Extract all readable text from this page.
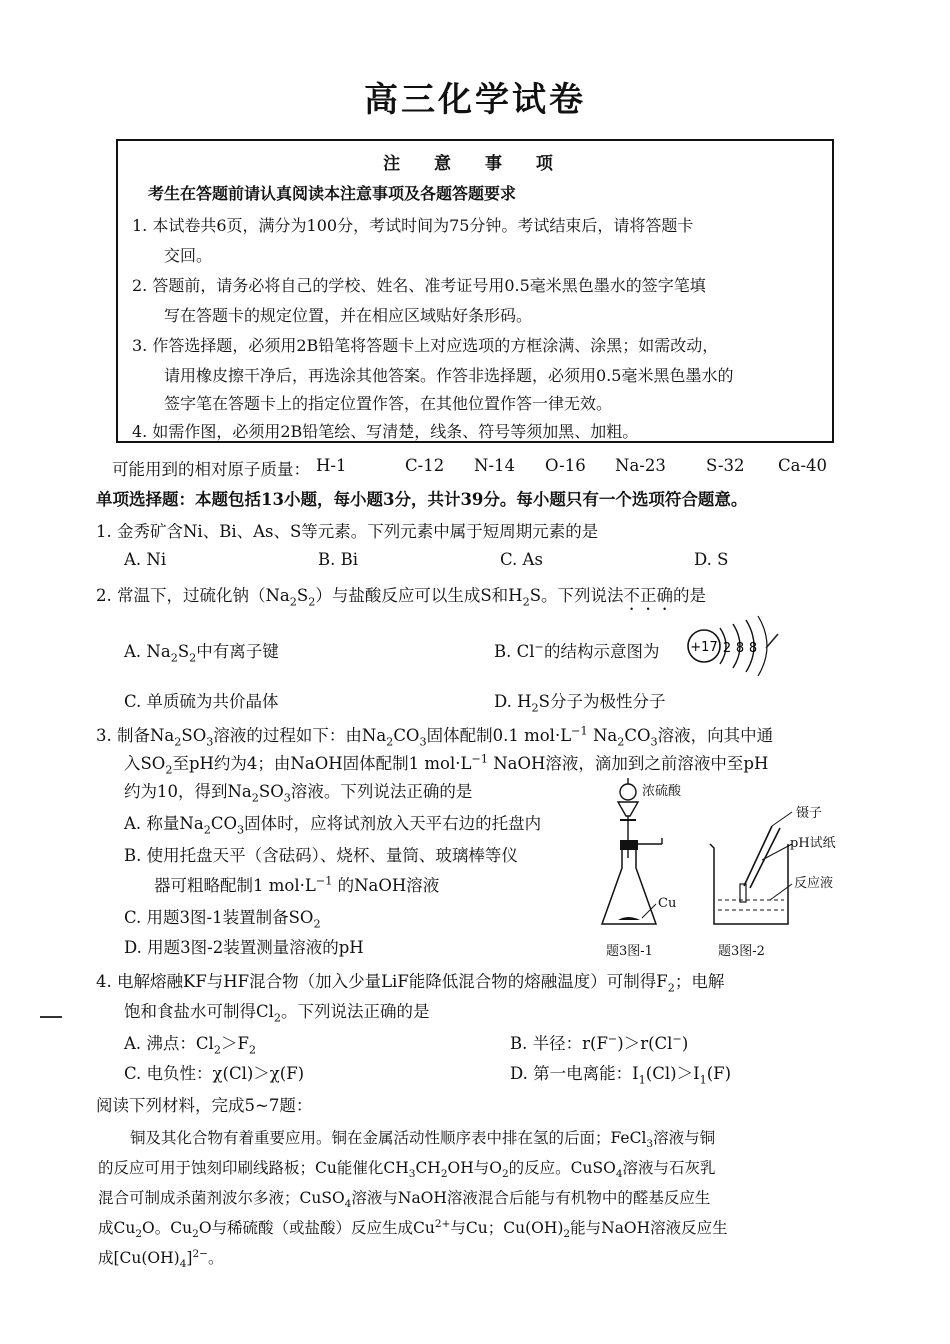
高三化学试卷
注 意 事 项
考生在答题前请认真阅读本注意事项及各题答题要求
1. 本试卷共6页，满分为100分，考试时间为75分钟。考试结束后，请将答题卡
交回。
2. 答题前，请务必将自己的学校、姓名、准考证号用0.5毫米黑色墨水的签字笔填
写在答题卡的规定位置，并在相应区域贴好条形码。
3. 作答选择题，必须用2B铅笔将答题卡上对应选项的方框涂满、涂黑；如需改动，
请用橡皮擦干净后，再选涂其他答案。作答非选择题，必须用0.5毫米黑色墨水的
签字笔在答题卡上的指定位置作答，在其他位置作答一律无效。
4. 如需作图，必须用2B铅笔绘、写清楚，线条、符号等须加黑、加粗。
可能用到的相对原子质量： H-1	C-12 N-14 O-16 Na-23 S-32 Ca-40
单项选择题：本题包括13小题，每小题3分，共计39分。每小题只有一个选项符合题意。
1. 金秀矿含Ni、Bi、As、S等元素。下列元素中属于短周期元素的是
A. Ni	B. Bi	C. As	D. S
2. 常温下，过硫化钠$(Na_2S_2)$与盐酸反应可以生成S和$H_2S$。下列说法不正确的是
A. $Na_2S_2$中有离子键	B. Cl−的结构示意图为 +17 2 8 8
C. 单质硫为共价晶体	D. $H_2S$分子为极性分子
3. 制备$Na_2SO_3$溶液的过程如下：由$Na_2CO_3$固体配制0.1 $mol\cdot L^{-1}$ $Na_2CO_3$溶液，向其中通
入$SO_2$至pH约为4；由NaOH固体配制1 $mol\cdot L^{-1}$ NaOH溶液，滴加到之前溶液中至pH
约为10，得到$Na_2SO_3$溶液。下列说法正确的是
A. 称量$Na_2CO_3$固体时，应将试剂放入天平右边的托盘内
B. 使用托盘天平（含砝码）、烧杯、量筒、玻璃棒等仪
器可粗略配制1 $mol\cdot L^{-1}$ 的NaOH溶液
C. 用题3图-1装置制备$SO_2$
D. 用题3图-2装置测量溶液的pH
浓硫酸
Cu
题3图-1
镊子
pH试纸
反应液
题3图-2
4. 电解熔融KF与HF混合物（加入少量LiF能降低混合物的熔融温度）可制得$F_2$；电解
饱和食盐水可制得$Cl_2$。下列说法正确的是
A. 沸点：$Cl_2>F_2$	B. 半径：r(F−)＞r(Cl−)
C. 电负性：χ(Cl)＞χ(F)	D. 第一电离能：$I_1(Cl)>I_1(F)$
阅读下列材料，完成5~7题：
铜及其化合物有着重要应用。铜在金属活动性顺序表中排在氢的后面；FeCl$_3$溶液与铜
的反应可用于蚀刻印刷线路板；Cu能催化$CH_3CH_2OH$与$O_2$的反应。CuSO$_4$溶液与石灰乳
混合可制成杀菌剂波尔多液；CuSO$_4$溶液与NaOH溶液混合后能与有机物中的醛基反应生
成$Cu_2O$。$Cu_2O$与稀硫酸（或盐酸）反应生成$Cu^{2+}$与Cu；$Cu(OH)_2$能与NaOH溶液反应生
成$[Cu(OH)_4]^{2-}$。
